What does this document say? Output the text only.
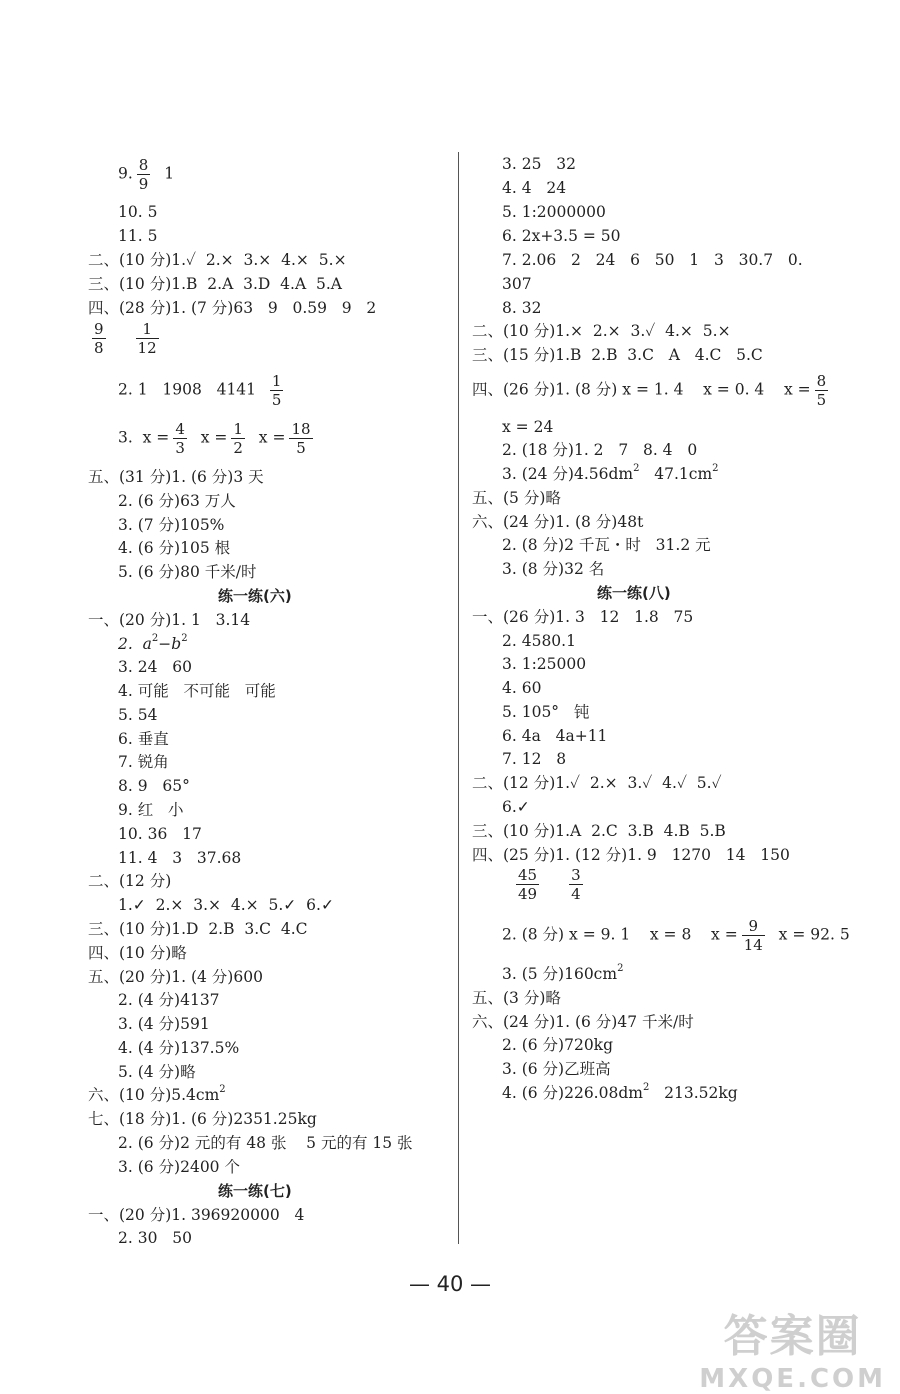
9. $\frac{8}{9} 1$
10. 5
11. 5
二、(10 分)1.✓  2.×  3.×  4.×  5.×
三、(10 分)1.B  2.A  3.D  4.A  5.A
四、(28 分)1. (7 分)63   9   0.59   9   2
$\frac{9}{8} \frac{1}{12}$
2. 1   1908   $4141 \frac{1}{5}$
3.  $x = \frac{4}{3}$ $x = \frac{1}{2}$ $x = \frac{18}{5}$
五、(31 分)1. (6 分)3 天
2. (6 分)63 万人
3. (7 分)105%
4. (6 分)105 根
5. (6 分)80 千米/时
练一练(六)
一、(20 分)1. 1   3.14
2.  $a^2-b^2$
3. 24   60
4. 可能   不可能   可能
5. 54
6. 垂直
7. 锐角
8. 9   65°
9. 红   小
10. 36   17
11. 4   3   37.68
二、(12 分)
1.✓  2.×  3.×  4.×  5.✓  6.✓
三、(10 分)1.D  2.B  3.C  4.C
四、(10 分)略
五、(20 分)1. (4 分)600
2. (4 分)4137
3. (4 分)591
4. (4 分)137.5%
5. (4 分)略
六、(10 分)$5.4cm^2$
七、(18 分)1. (6 分)2351.25kg
2. (6 分)2 元的有 48 张    5 元的有 15 张
3. (6 分)2400 个
练一练(七)
一、(20 分)1. 396920000   4
2. 30   50
3. 25   32
4. 4   24
5. 1:2000000
6. 2x+3.5 = 50
7. 2.06   2   24   6   50   1   3   30.7   0.
307
8. 32
二、(10 分)1.×  2.×  3.✓  4.×  5.×
三、(15 分)1.B  2.B  3.C   A   4.C   5.C
四、(26 分)1. (8 分) x = 1. 4    x = 0. 4    $x = \frac{8}{5}$
x = 24
2. (18 分)1. 2   7   8. 4   0
3. (24 分)$4.56dm^2$   $47.1cm^2$
五、(5 分)略
六、(24 分)1. (8 分)48t
2. (8 分)2 千瓦・时   31.2 元
3. (8 分)32 名
练一练(八)
一、(26 分)1. 3   12   1.8   75
2. 4580.1
3. 1:25000
4. 60
5. 105°   钝
6. 4a   4a+11
7. 12   8
二、(12 分)1.✓  2.×  3.✓  4.✓  5.✓
6.✓
三、(10 分)1.A  2.C  3.B  4.B  5.B
四、(25 分)1. (12 分)1. 9   1270   14   150
$\frac{45}{49} \frac{3}{4}$
2. (8 分) x = 9. 1    x = 8    $x = \frac{9}{14}$ x = 92. 5
3. (5 分)$160cm^2$
五、(3 分)略
六、(24 分)1. (6 分)47 千米/时
2. (6 分)720kg
3. (6 分)乙班高
4. (6 分)$226.08dm^2$   213.52kg
— 40 —
答案圈
MXQE.COM
